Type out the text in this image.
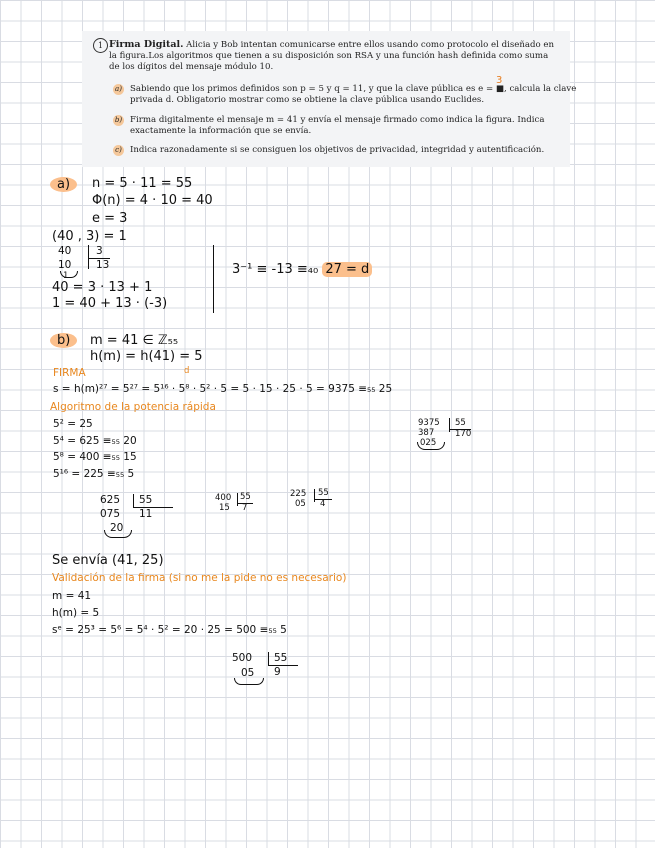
1 Firma Digital. Alicia y Bob intentan comunicarse entre ellos usando como protocolo el diseñado en la figura.Los algoritmos que tienen a su disposición son RSA y una función hash definida como suma de los dígitos del mensaje módulo 10.
a) Sabiendo que los primos definidos son p = 5 y q = 11, y que la clave pública es e = ■, calcula la clave privada d. Obligatorio mostrar como se obtiene la clave pública usando Euclides.
b) Firma digitalmente el mensaje m = 41 y envía el mensaje firmado como indica la figura. Indica exactamente la información que se envía.
c) Indica razonadamente si se consiguen los objetivos de privacidad, integridad y autentificación.
3
a)	n = 5 · 11 = 55
Φ(n) = 4 · 10 = 40
e = 3
(40 , 3) = 1
40 3
10 13
1
40 = 3 · 13 + 1
1 = 40 + 13 · (-3)
3⁻¹ ≡ -13 ≡₄₀ 27 = d
b)	m = 41 ∈ ℤ₅₅
h(m) = h(41) = 5
FIRMA	d
s = h(m)²⁷ = 5²⁷ = 5¹⁶ · 5⁸ · 5² · 5 = 5 · 15 · 25 · 5 = 9375 ≡₅₅ 25
Algoritmo de la potencia rápida
5² = 25
5⁴ = 625 ≡₅₅ 20
5⁸ = 400 ≡₅₅ 15
5¹⁶ = 225 ≡₅₅ 5
9375 55
387 170
025
625 55
075 11
20
400 55
15 7
225 55
05 4
Se envía (41, 25)
Validación de la firma (si no me la pide no es necesario)
m = 41
h(m) = 5
sᵉ = 25³ = 5⁶ = 5⁴ · 5² = 20 · 25 = 500 ≡₅₅ 5
500 55
05 9
